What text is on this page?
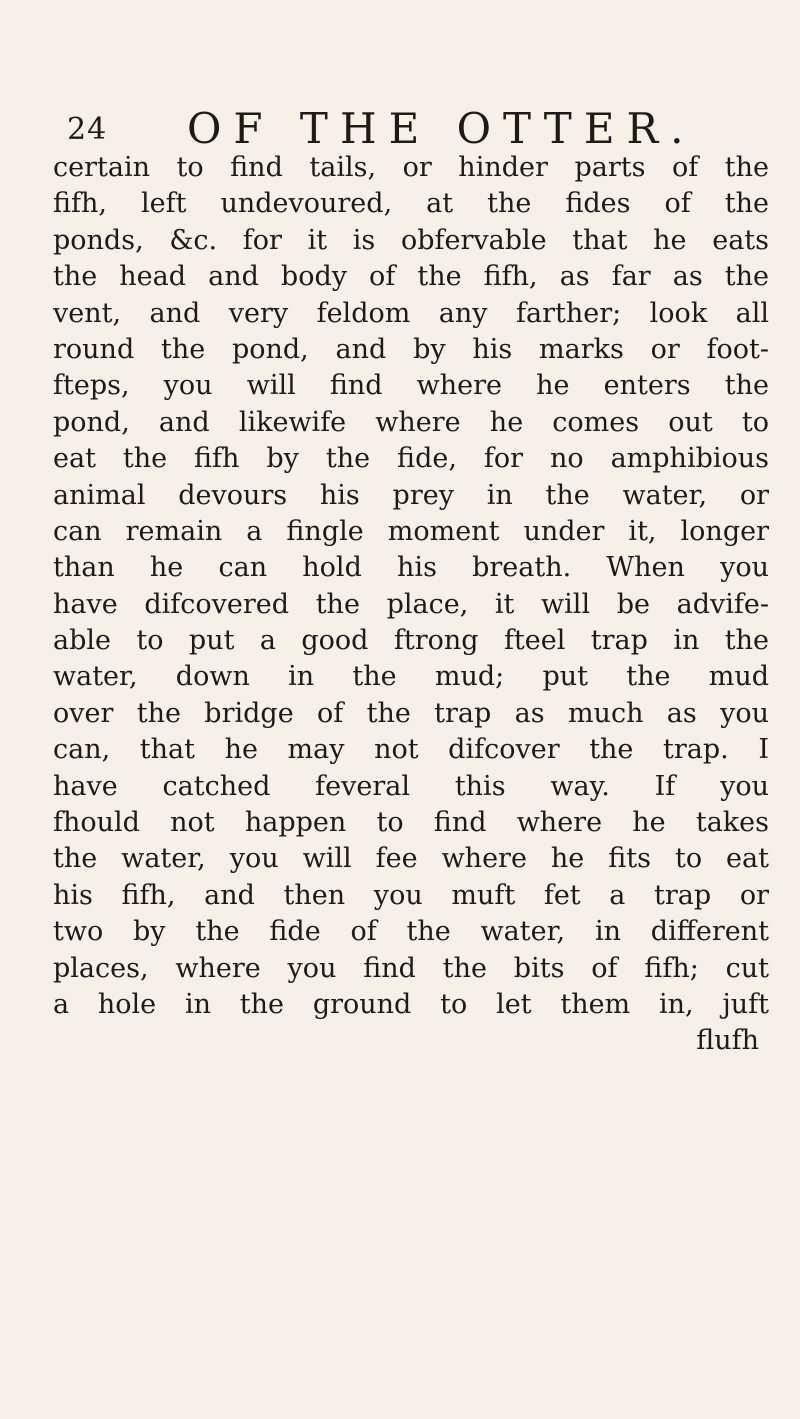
24 OF THE OTTER.
certain to find tails, or hinder parts of the
fifh, left undevoured, at the fides of the
ponds, &c. for it is obfervable that he eats
the head and body of the fifh, as far as the
vent, and very feldom any farther; look all
round the pond, and by his marks or foot-
fteps, you will find where he enters the
pond, and likewife where he comes out to
eat the fifh by the fide, for no amphibious
animal devours his prey in the water, or
can remain a fingle moment under it, longer
than he can hold his breath. When you
have difcovered the place, it will be advife-
able to put a good ftrong fteel trap in the
water, down in the mud; put the mud
over the bridge of the trap as much as you
can, that he may not difcover the trap. I
have catched feveral this way. If you
fhould not happen to find where he takes
the water, you will fee where he fits to eat
his fifh, and then you muft fet a trap or
two by the fide of the water, in different
places, where you find the bits of fifh; cut
a hole in the ground to let them in, juft
flufh
